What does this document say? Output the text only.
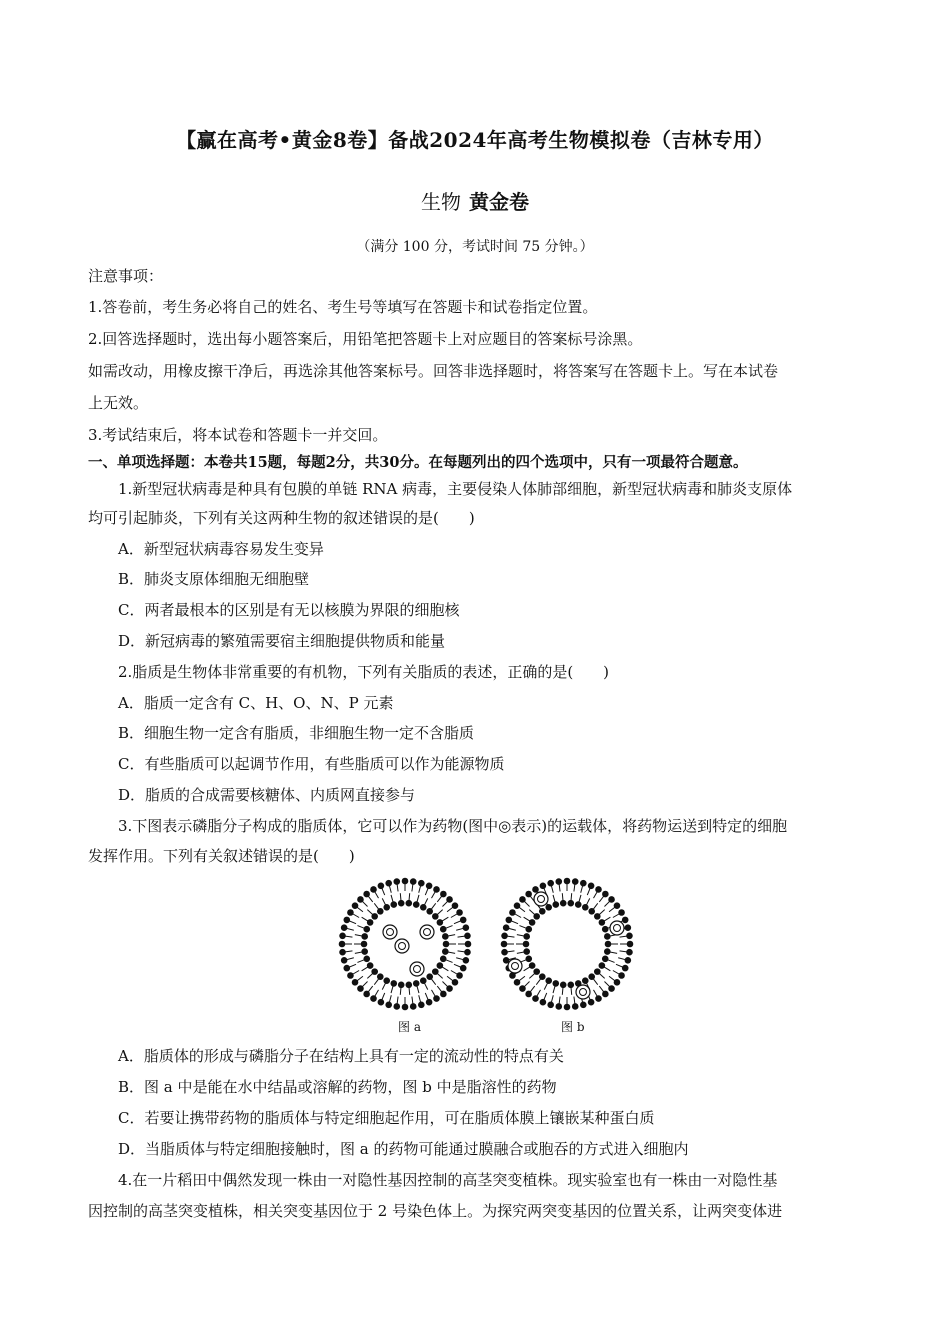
【赢在高考•黄金8卷】备战2024年高考生物模拟卷（吉林专用）
生物 黄金卷
（满分 100 分，考试时间 75 分钟。）
注意事项：
1.答卷前，考生务必将自己的姓名、考生号等填写在答题卡和试卷指定位置。
2.回答选择题时，选出每小题答案后，用铅笔把答题卡上对应题目的答案标号涂黑。
如需改动，用橡皮擦干净后，再选涂其他答案标号。回答非选择题时，将答案写在答题卡上。写在本试卷
上无效。
3.考试结束后，将本试卷和答题卡一并交回。
一、单项选择题：本卷共15题，每题2分，共30分。在每题列出的四个选项中，只有一项最符合题意。
1.新型冠状病毒是种具有包膜的单链 RNA 病毒，主要侵染人体肺部细胞，新型冠状病毒和肺炎支原体
均可引起肺炎，下列有关这两种生物的叙述错误的是(　　)
A．新型冠状病毒容易发生变异
B．肺炎支原体细胞无细胞壁
C．两者最根本的区别是有无以核膜为界限的细胞核
D．新冠病毒的繁殖需要宿主细胞提供物质和能量
2.脂质是生物体非常重要的有机物，下列有关脂质的表述，正确的是(　　)
A．脂质一定含有 C、H、O、N、P 元素
B．细胞生物一定含有脂质，非细胞生物一定不含脂质
C．有些脂质可以起调节作用，有些脂质可以作为能源物质
D．脂质的合成需要核糖体、内质网直接参与
3.下图表示磷脂分子构成的脂质体，它可以作为药物(图中◎表示)的运载体，将药物运送到特定的细胞
发挥作用。下列有关叙述错误的是(　　)
图 a	图 b
A．脂质体的形成与磷脂分子在结构上具有一定的流动性的特点有关
B．图 a 中是能在水中结晶或溶解的药物，图 b 中是脂溶性的药物
C．若要让携带药物的脂质体与特定细胞起作用，可在脂质体膜上镶嵌某种蛋白质
D．当脂质体与特定细胞接触时，图 a 的药物可能通过膜融合或胞吞的方式进入细胞内
4.在一片稻田中偶然发现一株由一对隐性基因控制的高茎突变植株。现实验室也有一株由一对隐性基
因控制的高茎突变植株，相关突变基因位于 2 号染色体上。为探究两突变基因的位置关系，让两突变体进
